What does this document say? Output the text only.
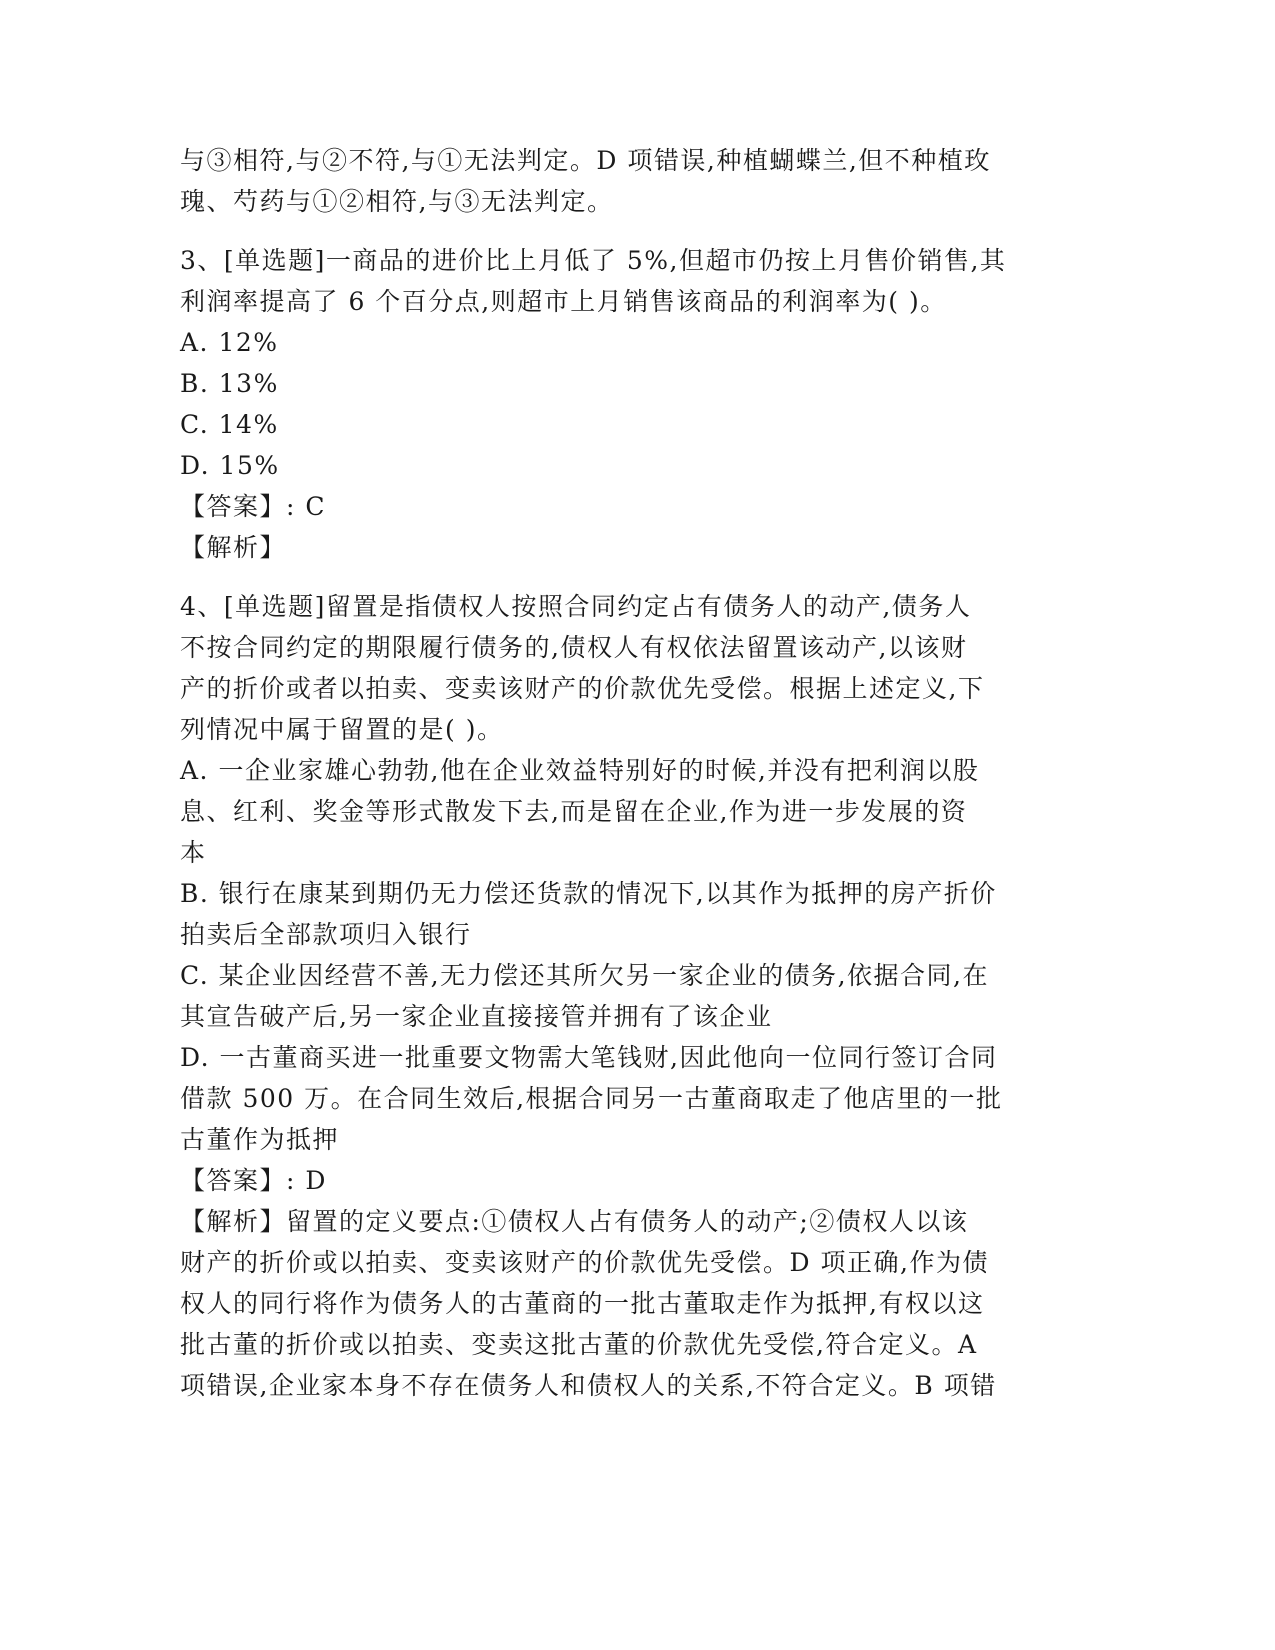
与③相符,与②不符,与①无法判定。D 项错误,种植蝴蝶兰,但不种植玫
瑰、芍药与①②相符,与③无法判定。
3、[单选题]一商品的进价比上月低了 5%,但超市仍按上月售价销售,其
利润率提高了 6 个百分点,则超市上月销售该商品的利润率为( )。
A. 12%
B. 13%
C. 14%
D. 15%
【答案】: C
【解析】
4、[单选题]留置是指债权人按照合同约定占有债务人的动产,债务人
不按合同约定的期限履行债务的,债权人有权依法留置该动产,以该财
产的折价或者以拍卖、变卖该财产的价款优先受偿。根据上述定义,下
列情况中属于留置的是( )。
A. 一企业家雄心勃勃,他在企业效益特别好的时候,并没有把利润以股
息、红利、奖金等形式散发下去,而是留在企业,作为进一步发展的资
本
B. 银行在康某到期仍无力偿还货款的情况下,以其作为抵押的房产折价
拍卖后全部款项归入银行
C. 某企业因经营不善,无力偿还其所欠另一家企业的债务,依据合同,在
其宣告破产后,另一家企业直接接管并拥有了该企业
D. 一古董商买进一批重要文物需大笔钱财,因此他向一位同行签订合同
借款 500 万。在合同生效后,根据合同另一古董商取走了他店里的一批
古董作为抵押
【答案】: D
【解析】留置的定义要点:①债权人占有债务人的动产;②债权人以该
财产的折价或以拍卖、变卖该财产的价款优先受偿。D 项正确,作为债
权人的同行将作为债务人的古董商的一批古董取走作为抵押,有权以这
批古董的折价或以拍卖、变卖这批古董的价款优先受偿,符合定义。A
项错误,企业家本身不存在债务人和债权人的关系,不符合定义。B 项错
